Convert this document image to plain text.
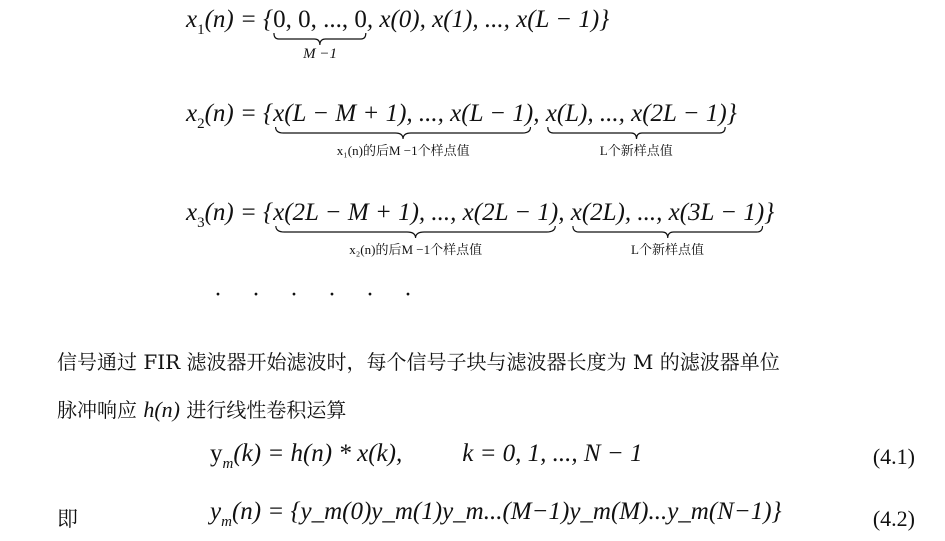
$x_1(n) = \{0$, 0, ..., 0
M −1
, x(0), x(1), ..., x(L − 1)}
$x_2(n) = \{x(L - M + 1)$, ..., x(L − 1)
x₁(n)的后M −1个样点值
, x(L), ..., x(2L − 1)
L个新样点值
}
$x_3(n) = \{x(2L - M + 1)$, ..., x(2L − 1)
x₂(n)的后M −1个样点值
, x(2L), ..., x(3L − 1)
L个新样点值
}
· · · · · ·
信号通过 FIR 滤波器开始滤波时，每个信号子块与滤波器长度为 M 的滤波器单位
脉冲响应 h(n) 进行线性卷积运算
$y_m(k) = h(n) * x(k)$, k = 0, 1, ..., N − 1	(4.1)
即	$y_m(n)$ = {y_m(0)y_m(1)y_m...(M−1)y_m(M)...y_m(N−1)}	(4.2)
